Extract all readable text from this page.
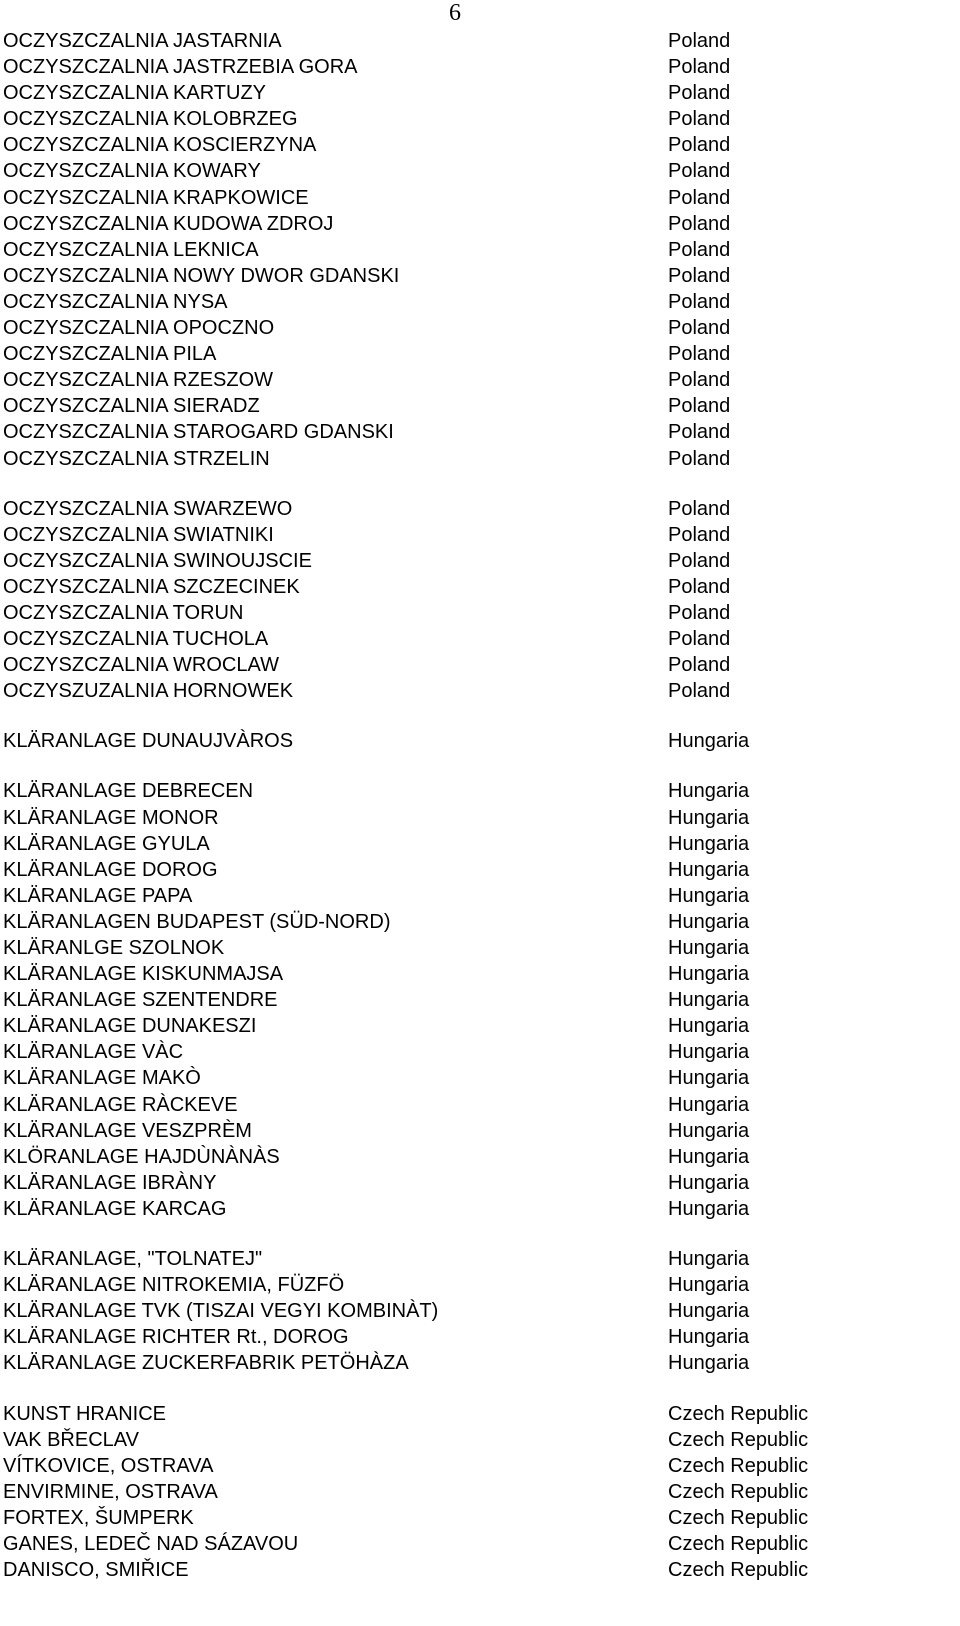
6
OCZYSZCZALNIA JASTARNIA	Poland
OCZYSZCZALNIA JASTRZEBIA GORA	Poland
OCZYSZCZALNIA KARTUZY	Poland
OCZYSZCZALNIA KOLOBRZEG	Poland
OCZYSZCZALNIA KOSCIERZYNA	Poland
OCZYSZCZALNIA KOWARY	Poland
OCZYSZCZALNIA KRAPKOWICE	Poland
OCZYSZCZALNIA KUDOWA ZDROJ	Poland
OCZYSZCZALNIA LEKNICA	Poland
OCZYSZCZALNIA NOWY DWOR GDANSKI	Poland
OCZYSZCZALNIA NYSA	Poland
OCZYSZCZALNIA OPOCZNO	Poland
OCZYSZCZALNIA PILA	Poland
OCZYSZCZALNIA RZESZOW	Poland
OCZYSZCZALNIA SIERADZ	Poland
OCZYSZCZALNIA STAROGARD GDANSKI	Poland
OCZYSZCZALNIA STRZELIN	Poland
OCZYSZCZALNIA SWARZEWO	Poland
OCZYSZCZALNIA SWIATNIKI	Poland
OCZYSZCZALNIA SWINOUJSCIE	Poland
OCZYSZCZALNIA SZCZECINEK	Poland
OCZYSZCZALNIA TORUN	Poland
OCZYSZCZALNIA TUCHOLA	Poland
OCZYSZCZALNIA WROCLAW	Poland
OCZYSZUZALNIA HORNOWEK	Poland
KLÄRANLAGE DUNAUJVÀROS	Hungaria
KLÄRANLAGE DEBRECEN	Hungaria
KLÄRANLAGE MONOR	Hungaria
KLÄRANLAGE GYULA	Hungaria
KLÄRANLAGE DOROG	Hungaria
KLÄRANLAGE PAPA	Hungaria
KLÄRANLAGEN BUDAPEST (SÜD-NORD)	Hungaria
KLÄRANLGE SZOLNOK	Hungaria
KLÄRANLAGE KISKUNMAJSA	Hungaria
KLÄRANLAGE SZENTENDRE	Hungaria
KLÄRANLAGE DUNAKESZI	Hungaria
KLÄRANLAGE VÀC	Hungaria
KLÄRANLAGE MAKÒ	Hungaria
KLÄRANLAGE RÀCKEVE	Hungaria
KLÄRANLAGE VESZPRÈM	Hungaria
KLÖRANLAGE HAJDÙNÀNÀS	Hungaria
KLÄRANLAGE IBRÀNY	Hungaria
KLÄRANLAGE KARCAG	Hungaria
KLÄRANLAGE, "TOLNATEJ"	Hungaria
KLÄRANLAGE NITROKEMIA, FÜZFÖ	Hungaria
KLÄRANLAGE TVK (TISZAI VEGYI KOMBINÀT)	Hungaria
KLÄRANLAGE RICHTER Rt., DOROG	Hungaria
KLÄRANLAGE ZUCKERFABRIK PETÖHÀZA	Hungaria
KUNST HRANICE	Czech Republic
VAK BŘECLAV	Czech Republic
VÍTKOVICE, OSTRAVA	Czech Republic
ENVIRMINE, OSTRAVA	Czech Republic
FORTEX, ŠUMPERK	Czech Republic
GANES, LEDEČ NAD SÁZAVOU	Czech Republic
DANISCO, SMIŘICE	Czech Republic
